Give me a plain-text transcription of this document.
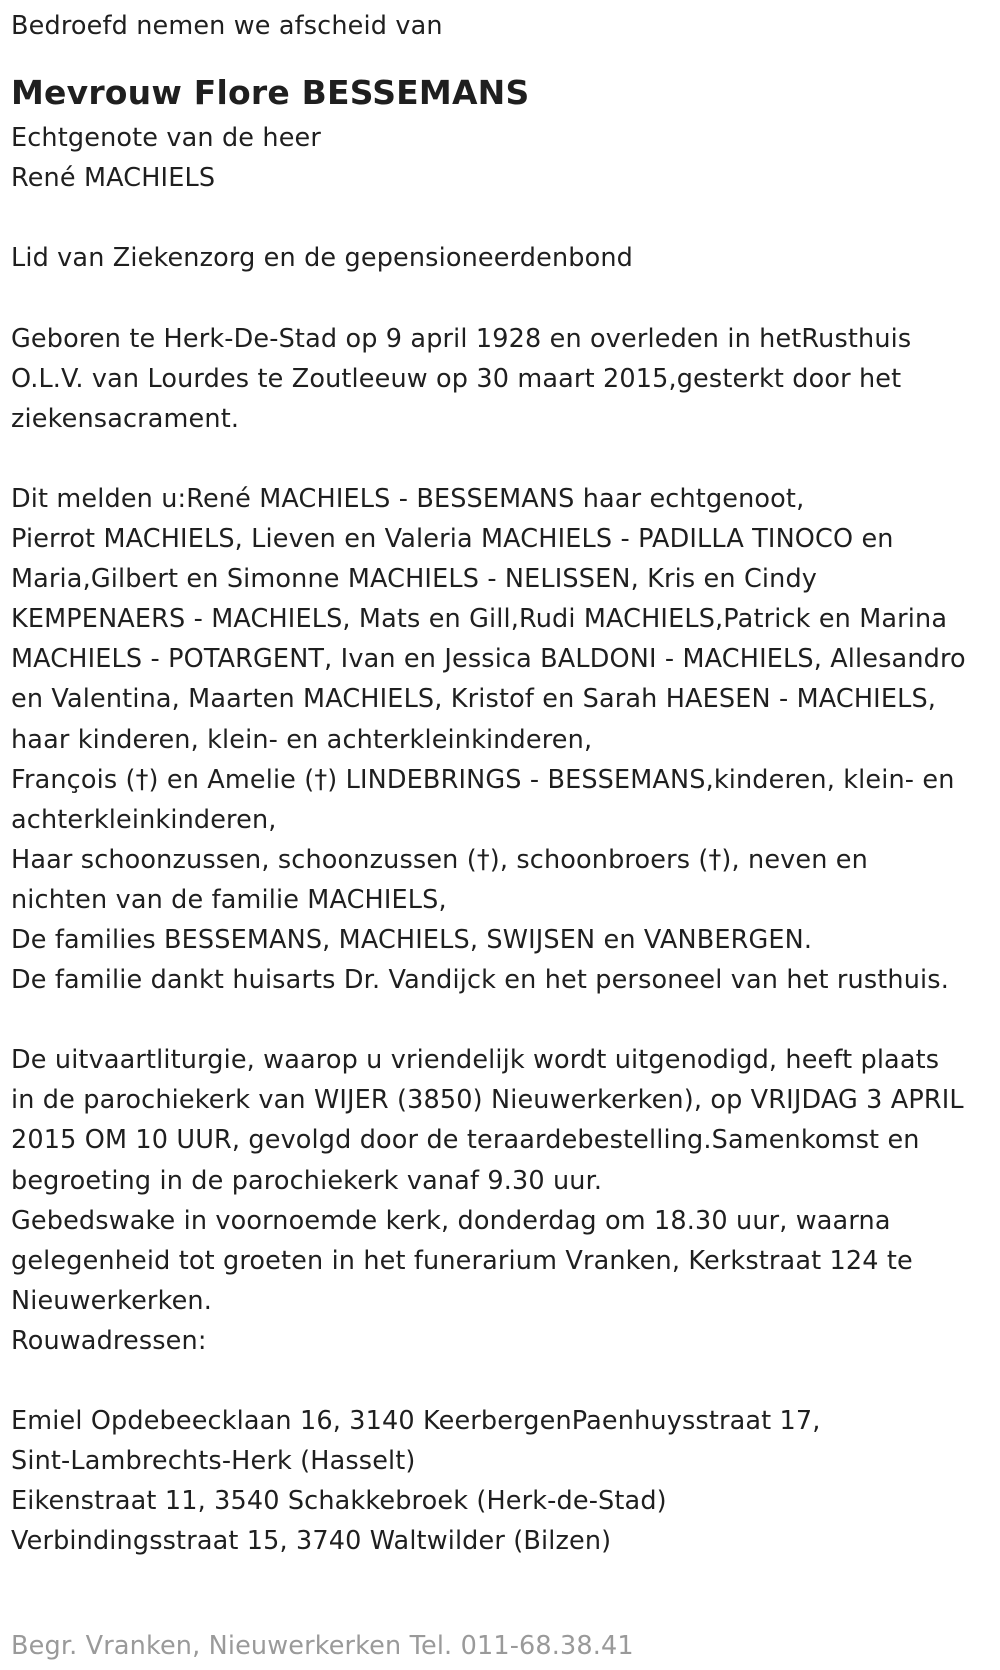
Bedroefd nemen we afscheid van
Mevrouw Flore BESSEMANS
Echtgenote van de heer
René MACHIELS
Lid van Ziekenzorg en de gepensioneerdenbond
Geboren te Herk-De-Stad op 9 april 1928 en overleden in hetRusthuis
O.L.V. van Lourdes te Zoutleeuw op 30 maart 2015,gesterkt door het
ziekensacrament.
Dit melden u:René MACHIELS - BESSEMANS haar echtgenoot,
Pierrot MACHIELS, Lieven en Valeria MACHIELS - PADILLA TINOCO en
Maria,Gilbert en Simonne MACHIELS - NELISSEN, Kris en Cindy
KEMPENAERS - MACHIELS, Mats en Gill,Rudi MACHIELS,Patrick en Marina
MACHIELS - POTARGENT, Ivan en Jessica BALDONI - MACHIELS, Allesandro
en Valentina, Maarten MACHIELS, Kristof en Sarah HAESEN - MACHIELS,
haar kinderen, klein- en achterkleinkinderen,
François (†) en Amelie (†) LINDEBRINGS - BESSEMANS,kinderen, klein- en
achterkleinkinderen,
Haar schoonzussen, schoonzussen (†), schoonbroers (†), neven en
nichten van de familie MACHIELS,
De families BESSEMANS, MACHIELS, SWIJSEN en VANBERGEN.
De familie dankt huisarts Dr. Vandijck en het personeel van het rusthuis.
De uitvaartliturgie, waarop u vriendelijk wordt uitgenodigd, heeft plaats
in de parochiekerk van WIJER (3850) Nieuwerkerken), op VRIJDAG 3 APRIL
2015 OM 10 UUR, gevolgd door de teraardebestelling.Samenkomst en
begroeting in de parochiekerk vanaf 9.30 uur.
Gebedswake in voornoemde kerk, donderdag om 18.30 uur, waarna
gelegenheid tot groeten in het funerarium Vranken, Kerkstraat 124 te
Nieuwerkerken.
Rouwadressen:
Emiel Opdebeecklaan 16, 3140 KeerbergenPaenhuysstraat 17,
Sint-Lambrechts-Herk (Hasselt)
Eikenstraat 11, 3540 Schakkebroek (Herk-de-Stad)
Verbindingsstraat 15, 3740 Waltwilder (Bilzen)
Begr. Vranken, Nieuwerkerken Tel. 011-68.38.41
